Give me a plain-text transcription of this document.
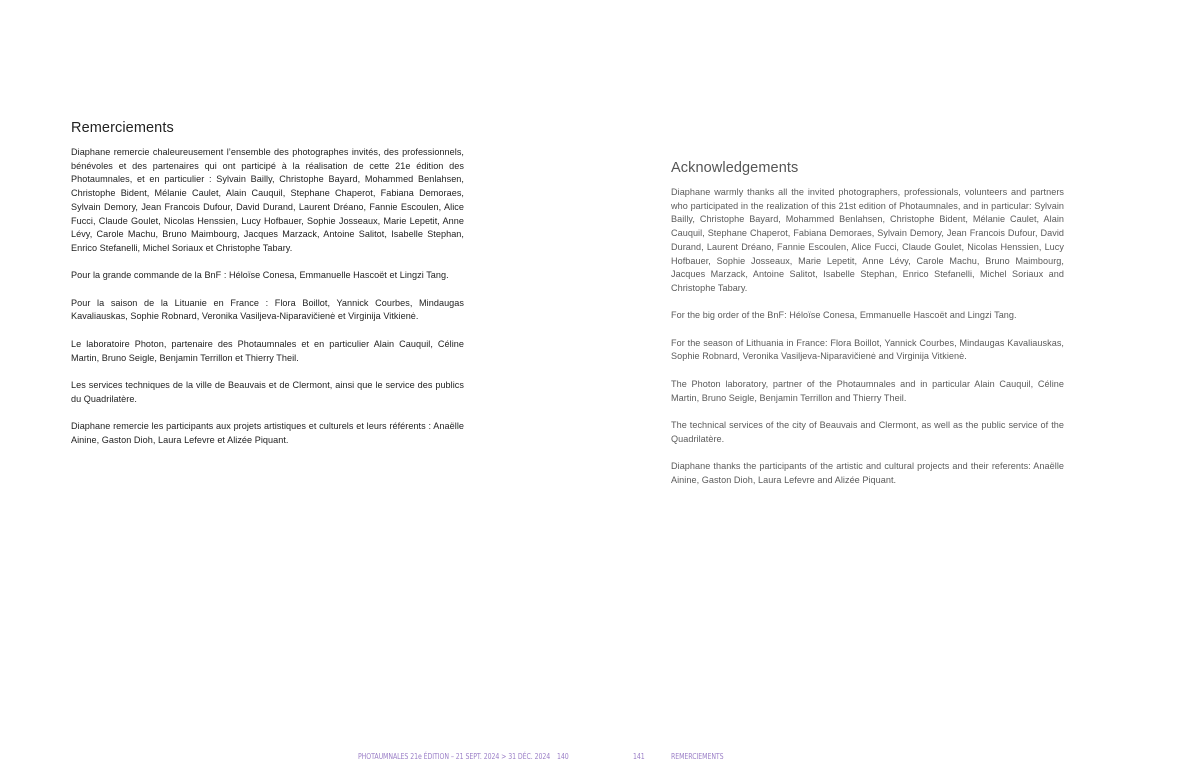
Remerciements

Diaphane remercie chaleureusement l’ensemble des photographes invités, des professionnels, bénévoles et des partenaires qui ont participé à la réalisation de cette 21e édition des Photaumnales, et en particulier : Sylvain Bailly, Christophe Bayard, Mohammed Benlahsen, Christophe Bident, Mélanie Caulet, Alain Cauquil, Stephane Chaperot, Fabiana Demoraes, Sylvain Demory, Jean Francois Dufour, David Durand, Laurent Dréano, Fannie Escoulen, Alice Fucci, Claude Goulet, Nicolas Henssien, Lucy Hofbauer, Sophie Josseaux, Marie Lepetit, Anne Lévy, Carole Machu, Bruno Maimbourg, Jacques Marzack, Antoine Salitot, Isabelle Stephan, Enrico Stefanelli, Michel Soriaux et Christophe Tabary.

Pour la grande commande de la BnF : Héloïse Conesa, Emmanuelle Hascoët et Lingzi Tang.

Pour la saison de la Lituanie en France : Flora Boillot, Yannick Courbes, Mindaugas Kavaliauskas, Sophie Robnard, Veronika Vasiljeva-Niparavičienė et Virginija Vitkienė.

Le laboratoire Photon, partenaire des Photaumnales et en particulier Alain Cauquil, Céline Martin, Bruno Seigle, Benjamin Terrillon et Thierry Theil.

Les services techniques de la ville de Beauvais et de Clermont, ainsi que le service des publics du Quadrilatère.

Diaphane remercie les participants aux projets artistiques et culturels et leurs référents : Anaëlle Ainine, Gaston Dioh, Laura Lefevre et Alizée Piquant.

Acknowledgements

Diaphane warmly thanks all the invited photographers, professionals, volunteers and partners who participated in the realization of this 21st edition of Photaumnales, and in particular: Sylvain Bailly, Christophe Bayard, Mohammed Benlahsen, Christophe Bident, Mélanie Caulet, Alain Cauquil, Stephane Chaperot, Fabiana Demoraes, Sylvain Demory, Jean Francois Dufour, David Durand, Laurent Dréano, Fannie Escoulen, Alice Fucci, Claude Goulet, Nicolas Henssien, Lucy Hofbauer, Sophie Josseaux, Marie Lepetit, Anne Lévy, Carole Machu, Bruno Maimbourg, Jacques Marzack, Antoine Salitot, Isabelle Stephan, Enrico Stefanelli, Michel Soriaux and Christophe Tabary.

For the big order of the BnF: Héloïse Conesa, Emmanuelle Hascoët and Lingzi Tang.

For the season of Lithuania in France: Flora Boillot, Yannick Courbes, Mindaugas Kavaliauskas, Sophie Robnard, Veronika Vasiljeva-Niparavičienė and Virginija Vitkienė.

The Photon laboratory, partner of the Photaumnales and in particular Alain Cauquil, Céline Martin, Bruno Seigle, Benjamin Terrillon and Thierry Theil.

The technical services of the city of Beauvais and Clermont, as well as the public service of the Quadrilatère.

Diaphane thanks the participants of the artistic and cultural projects and their referents: Anaëlle Ainine, Gaston Dioh, Laura Lefevre and Alizée Piquant.

PHOTAUMNALES 21e ÉDITION – 21 SEPT. 2024 > 31 DÉC. 2024 140	141	REMERCIEMENTS
